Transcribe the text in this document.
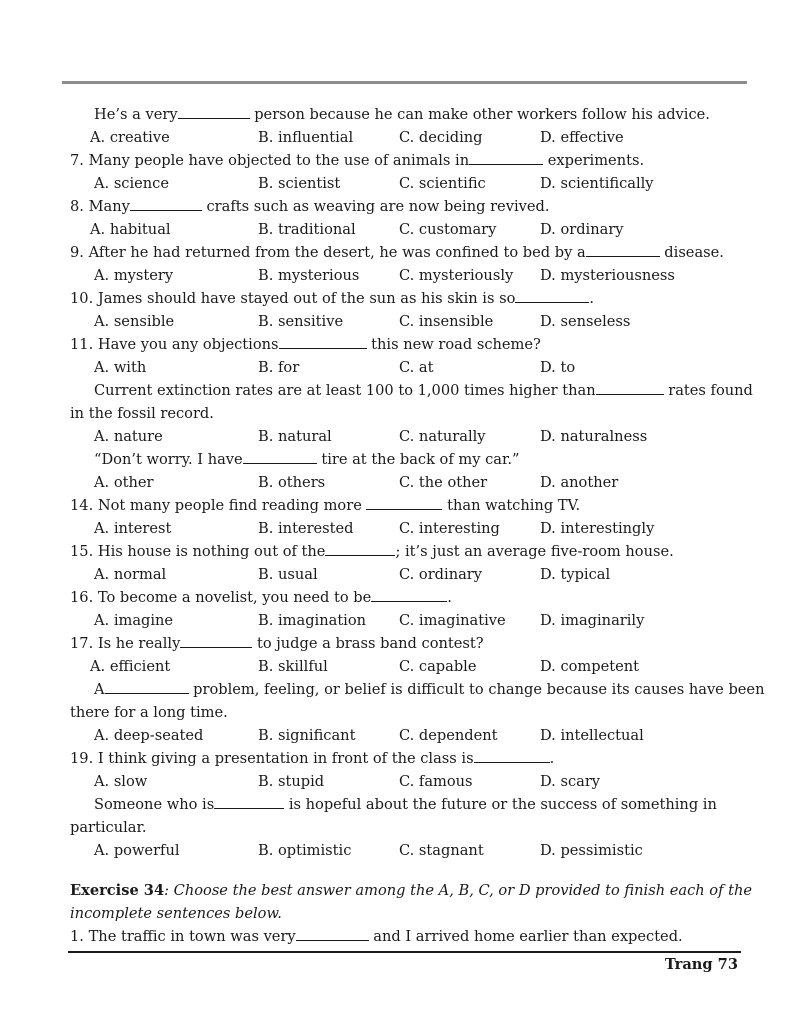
He’s a very	person because he can make other workers follow his advice.
A. creative	B. influential	C. deciding	D. effective
7. Many people have objected to the use of animals in	experiments.
A. science	B. scientist	C. scientific	D. scientifically
8. Many	crafts such as weaving are now being revived.
A. habitual	B. traditional	C. customary	D. ordinary
9. After he had returned from the desert, he was confined to bed by a	disease.
A. mystery	B. mysterious	C. mysteriously D. mysteriousness
10. James should have stayed out of the sun as his skin is so	.
A. sensible	B. sensitive	C. insensible	D. senseless
11. Have you any objections	this new road scheme?
A. with	B. for	C. at	D. to
Current extinction rates are at least 100 to 1,000 times higher than	rates found
in the fossil record.
A. nature	B. natural	C. naturally	D. naturalness
“Don’t worry. I have	tire at the back of my car.”
A. other	B. others	C. the other	D. another
14. Not many people find reading more	than watching TV.
A. interest	B. interested	C. interesting	D. interestingly
15. His house is nothing out of the	; it’s just an average five-room house.
A. normal	B. usual	C. ordinary	D. typical
16. To become a novelist, you need to be	.
A. imagine	B. imagination C. imaginative D. imaginarily
17. Is he really	to judge a brass band contest?
A. efficient	B. skillful	C. capable	D. competent
A	problem, feeling, or belief is difficult to change because its causes have been
there for a long time.
A. deep-seated	B. significant	C. dependent	D. intellectual
19. I think giving a presentation in front of the class is	.
A. slow	B. stupid	C. famous	D. scary
Someone who is	is hopeful about the future or the success of something in
particular.
A. powerful	B. optimistic	C. stagnant	D. pessimistic
Exercise 34: Choose the best answer among the A, B, C, or D provided to finish each of the
incomplete sentences below.
1. The traffic in town was very	and I arrived home earlier than expected.
Trang 73
